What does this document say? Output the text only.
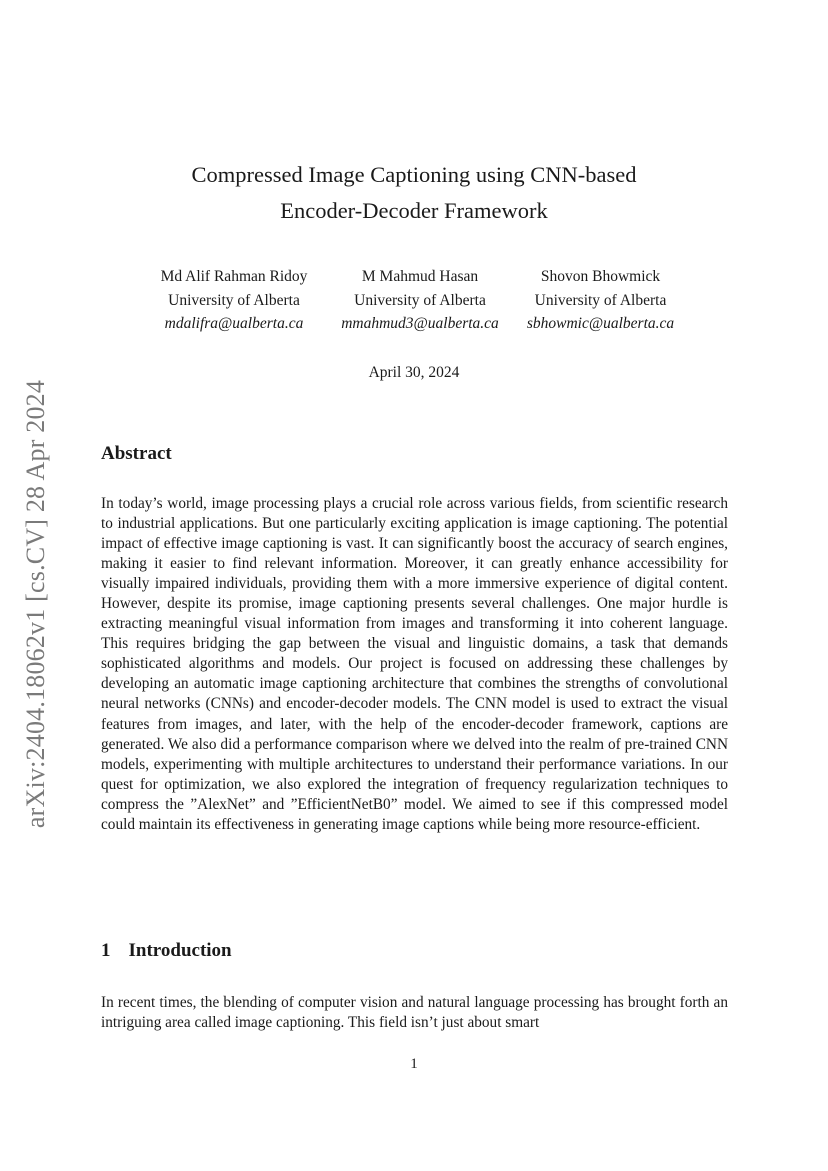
arXiv:2404.18062v1 [cs.CV] 28 Apr 2024
Compressed Image Captioning using CNN-based
Encoder-Decoder Framework
Md Alif Rahman Ridoy
University of Alberta
mdalifra@ualberta.ca
M Mahmud Hasan
University of Alberta
mmahmud3@ualberta.ca
Shovon Bhowmick
University of Alberta
sbhowmic@ualberta.ca
April 30, 2024
Abstract
In today’s world, image processing plays a crucial role across various fields, from scientific research to industrial applications. But one particularly exciting application is image captioning. The potential impact of effective image captioning is vast. It can significantly boost the accuracy of search engines, making it easier to find relevant information. Moreover, it can greatly enhance accessibility for visually impaired individuals, providing them with a more immersive experience of digital content. However, despite its promise, image captioning presents several challenges. One major hurdle is extracting meaningful visual information from images and transforming it into coherent language. This requires bridging the gap between the visual and linguistic domains, a task that demands sophisticated algorithms and models. Our project is focused on addressing these challenges by developing an automatic image captioning architecture that combines the strengths of convolutional neural networks (CNNs) and encoder-decoder models. The CNN model is used to extract the visual features from images, and later, with the help of the encoder-decoder framework, captions are generated. We also did a performance comparison where we delved into the realm of pre-trained CNN models, experimenting with multiple architectures to understand their performance variations. In our quest for optimization, we also explored the integration of frequency regularization techniques to compress the ”AlexNet” and ”EfficientNetB0” model. We aimed to see if this compressed model could maintain its effectiveness in generating image captions while being more resource-efficient.
1 Introduction
In recent times, the blending of computer vision and natural language processing has brought forth an intriguing area called image captioning. This field isn’t just about smart
1
